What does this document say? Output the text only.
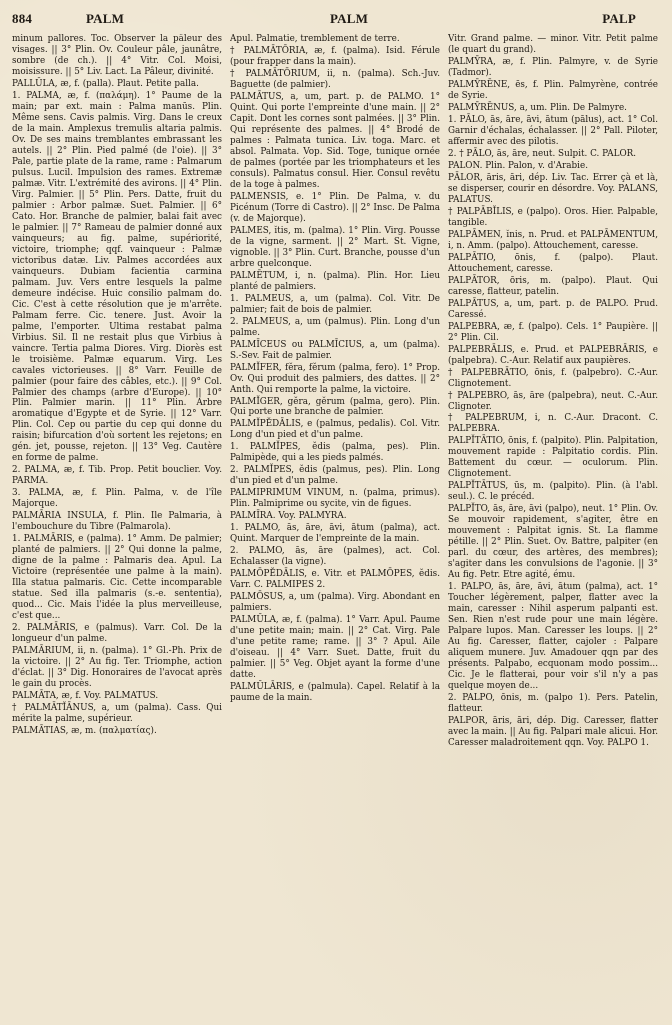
884	PALM	PALM	PALP

minum pallores. Toc. Observer la pâleur des visages. || 3° Plin. Ov. Couleur pâle, jaunâtre, sombre (de ch.). || 4° Vitr. Col. Moisi, moisissure. || 5° Liv. Lact. La Pâleur, divinité.

PALLŬLA, æ, f. (palla). Plaut. Petite palla.

1. PALMA, æ, f. (παλάμη). 1° Paume de la main; par ext. main : Palma manūs. Plin. Même sens. Cavis palmis. Virg. Dans le creux de la main. Amplexus tremulis altaria palmis. Ov. De ses mains tremblantes embrassant les autels. || 2° Plin. Pied palmé (de l'oie). || 3° Pale, partie plate de la rame, rame : Palmarum pulsus. Lucil. Impulsion des rames. Extremæ palmæ. Vitr. L'extrémité des avirons. || 4° Plin. Virg. Palmier. || 5° Plin. Pers. Datte, fruit du palmier : Arbor palmæ. Suet. Palmier. || 6° Cato. Hor. Branche de palmier, balai fait avec le palmier. || 7° Rameau de palmier donné aux vainqueurs; au fig. palme, supériorité, victoire, triomphe; qqf. vainqueur : Palmæ victoribus datæ. Liv. Palmes accordées aux vainqueurs. Dubiam facientia carmina palmam. Juv. Vers entre lesquels la palme demeure indécise. Huic consilio palmam do. Cic. C'est à cette résolution que je m'arrête. Palmam ferre. Cic. tenere. Just. Avoir la palme, l'emporter. Ultima restabat palma Virbius. Sil. Il ne restait plus que Virbius à vaincre. Tertia palma Diores. Virg. Diorès est le troisième. Palmæ equarum. Virg. Les cavales victorieuses. || 8° Varr. Feuille de palmier (pour faire des câbles, etc.). || 9° Col. Palmier des champs (arbre d'Europe). || 10° Plin. Palmier marin. || 11° Plin. Arbre aromatique d'Egypte et de Syrie. || 12° Varr. Plin. Col. Cep ou partie du cep qui donne du raisin; bifurcation d'où sortent les rejetons; en gén. jet, pousse, rejeton. || 13° Veg. Cautère en forme de palme.

2. PALMA, æ, f. Tib. Prop. Petit bouclier. Voy. PARMA.

3. PALMA, æ, f. Plin. Palma, v. de l'île Majorque.

PALMĀRIA INSULA, f. Plin. Ile Palmaria, à l'embouchure du Tibre (Palmarola).

1. PALMĀRIS, e (palma). 1° Amm. De palmier; planté de palmiers. || 2° Qui donne la palme, digne de la palme : Palmaris dea. Apul. La Victoire (représentée une palme à la main). Illa statua palmaris. Cic. Cette incomparable statue. Sed illa palmaris (s.-e. sententia), quod... Cic. Mais l'idée la plus merveilleuse, c'est que...

2. PALMĀRIS, e (palmus). Varr. Col. De la longueur d'un palme.

PALMĀRIUM, ii, n. (palma). 1° Gl.-Ph. Prix de la victoire. || 2° Au fig. Ter. Triomphe, action d'éclat. || 3° Dig. Honoraires de l'avocat après le gain du procès.

PALMĀTA, æ, f. Voy. PALMATUS.

† PALMĀTĬĀNUS, a, um (palma). Cass. Qui mérite la palme, supérieur.

PALMĀTIAS, æ, m. (παλματίας).

Apul. Palmatie, tremblement de terre.

† PALMĀTŌRIA, æ, f. (palma). Isid. Férule (pour frapper dans la main).

† PALMĀTŌRIUM, ii, n. (palma). Sch.-Juv. Baguette (de palmier).

PALMĀTUS, a, um, part. p. de PALMO. 1° Quint. Qui porte l'empreinte d'une main. || 2° Capit. Dont les cornes sont palmées. || 3° Plin. Qui représente des palmes. || 4° Brodé de palmes : Palmata tunica. Liv. toga. Marc. et absol. Palmata. Vop. Sid. Toge, tunique ornée de palmes (portée par les triomphateurs et les consuls). Palmatus consul. Hier. Consul revêtu de la toge à palmes.

PALMENSIS, e. 1° Plin. De Palma, v. du Picénum (Torre di Castro). || 2° Insc. De Palma (v. de Majorque).

PALMES, ĭtis, m. (palma). 1° Plin. Virg. Pousse de la vigne, sarment. || 2° Mart. St. Vigne, vignoble. || 3° Plin. Curt. Branche, pousse d'un arbre quelconque.

PALMĒTUM, i, n. (palma). Plin. Hor. Lieu planté de palmiers.

1. PALMEUS, a, um (palma). Col. Vitr. De palmier; fait de bois de palmier.

2. PALMEUS, a, um (palmus). Plin. Long d'un palme.

PALMĪCEUS ou PALMĪCIUS, a, um (palma). S.-Sev. Fait de palmier.

PALMĬFER, fĕra, fĕrum (palma, fero). 1° Prop. Ov. Qui produit des palmiers, des dattes. || 2° Anth. Qui remporte la palme, la victoire.

PALMĬGER, gĕra, gĕrum (palma, gero). Plin. Qui porte une branche de palmier.

PALMĬPĔDĀLIS, e (palmus, pedalis). Col. Vitr. Long d'un pied et d'un palme.

1. PALMĬPES, ĕdis (palma, pes). Plin. Palmipède, qui a les pieds palmés.

2. PALMĬPES, ĕdis (palmus, pes). Plin. Long d'un pied et d'un palme.

PALMIPRIMUM VINUM, n. (palma, primus). Plin. Palmiprime ou sycite, vin de figues.

PALMĪRA. Voy. PALMYRA.

1. PALMO, ās, āre, āvi, ātum (palma), act. Quint. Marquer de l'empreinte de la main.

2. PALMO, ās, āre (palmes), act. Col. Echalasser (la vigne).

PALMŌPĔDĀLIS, e. Vitr. et PALMŌPES, ĕdis. Varr. C. PALMIPES 2.

PALMŌSUS, a, um (palma). Virg. Abondant en palmiers.

PALMŬLA, æ, f. (palma). 1° Varr. Apul. Paume d'une petite main; main. || 2° Cat. Virg. Pale d'une petite rame; rame. || 3° ? Apul. Aile d'oiseau. || 4° Varr. Suet. Datte, fruit du palmier. || 5° Veg. Objet ayant la forme d'une datte.

PALMŬLĀRIS, e (palmula). Capel. Relatif à la paume de la main.

Vitr. Grand palme. — minor. Vitr. Petit palme (le quart du grand).

PALMȲRA, æ, f. Plin. Palmyre, v. de Syrie (Tadmor).

PALMȲRĒNE, ēs, f. Plin. Palmyrène, contrée de Syrie.

PALMȲRĒNUS, a, um. Plin. De Palmyre.

1. PĀLO, ās, āre, āvi, ātum (pālus), act. 1° Col. Garnir d'échalas, échalasser. || 2° Pall. Piloter, affermir avec des pilotis.

2. † PĀLO, ās, āre, neut. Sulpit. C. PALOR.

PALON. Plin. Palon, v. d'Arabie.

PĀLOR, āris, āri, dép. Liv. Tac. Errer çà et là, se disperser, courir en désordre. Voy. PALANS, PALATUS.

† PALPĀBĬLIS, e (palpo). Oros. Hier. Palpable, tangible.

PALPĀMEN, ĭnis, n. Prud. et PALPĀMENTUM, i, n. Amm. (palpo). Attouchement, caresse.

PALPĀTIO, ōnis, f. (palpo). Plaut. Attouchement, caresse.

PALPĀTOR, ōris, m. (palpo). Plaut. Qui caresse, flatteur, patelin.

PALPĀTUS, a, um, part. p. de PALPO. Prud. Caressé.

PALPEBRA, æ, f. (palpo). Cels. 1° Paupière. || 2° Plin. Cil.

PALPEBRĀLIS, e. Prud. et PALPEBRĀRIS, e (palpebra). C.-Aur. Relatif aux paupières.

† PALPEBRĀTIO, ōnis, f. (palpebro). C.-Aur. Clignotement.

† PALPEBRO, ās, āre (palpebra), neut. C.-Aur. Clignoter.

† PALPEBRUM, i, n. C.-Aur. Dracont. C. PALPEBRA.

PALPĬTĀTIO, ōnis, f. (palpito). Plin. Palpitation, mouvement rapide : Palpitatio cordis. Plin. Battement du cœur. — oculorum. Plin. Clignotement.

PALPĬTĀTUS, ūs, m. (palpito). Plin. (à l'abl. seul.). C. le précéd.

PALPĬTO, ās, āre, āvi (palpo), neut. 1° Plin. Ov. Se mouvoir rapidement, s'agiter, être en mouvement : Palpitat ignis. St. La flamme pétille. || 2° Plin. Suet. Ov. Battre, palpiter (en parl. du cœur, des artères, des membres); s'agiter dans les convulsions de l'agonie. || 3° Au fig. Petr. Etre agité, ému.

1. PALPO, ās, āre, āvi, ātum (palma), act. 1° Toucher légèrement, palper, flatter avec la main, caresser : Nihil asperum palpanti est. Sen. Rien n'est rude pour une main légère. Palpare lupos. Man. Caresser les loups. || 2° Au fig. Caresser, flatter, cajoler : Palpare aliquem munere. Juv. Amadouer qqn par des présents. Palpabo, ecquonam modo possim... Cic. Je le flatterai, pour voir s'il n'y a pas quelque moyen de...

2. PALPO, ōnis, m. (palpo 1). Pers. Patelin, flatteur.

PALPOR, āris, āri, dép. Dig. Caresser, flatter avec la main. || Au fig. Palpari male alicui. Hor. Caresser maladroitement qqn. Voy. PALPO 1.
